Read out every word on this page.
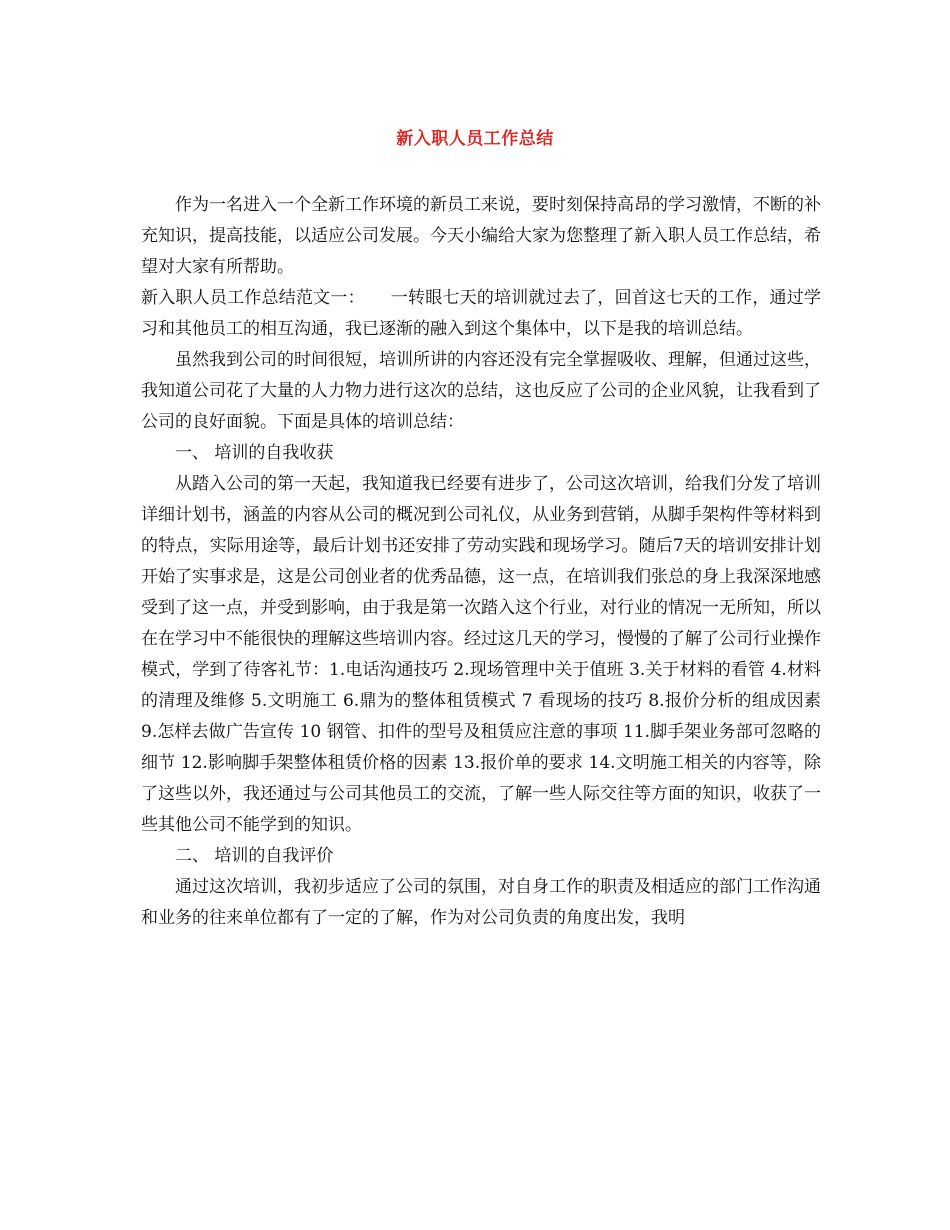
新入职人员工作总结

作为一名进入一个全新工作环境的新员工来说，要时刻保持高昂的学习激情，不断的补充知识，提高技能，以适应公司发展。今天小编给大家为您整理了新入职人员工作总结，希望对大家有所帮助。

新入职人员工作总结范文一：　　一转眼七天的培训就过去了，回首这七天的工作，通过学习和其他员工的相互沟通，我已逐渐的融入到这个集体中，以下是我的培训总结。

虽然我到公司的时间很短，培训所讲的内容还没有完全掌握吸收、理解，但通过这些，我知道公司花了大量的人力物力进行这次的总结，这也反应了公司的企业风貌，让我看到了公司的良好面貌。下面是具体的培训总结：

一、 培训的自我收获

从踏入公司的第一天起，我知道我已经要有进步了，公司这次培训，给我们分发了培训详细计划书，涵盖的内容从公司的概况到公司礼仪，从业务到营销，从脚手架构件等材料到的特点，实际用途等，最后计划书还安排了劳动实践和现场学习。随后7天的培训安排计划开始了实事求是，这是公司创业者的优秀品德，这一点，在培训我们张总的身上我深深地感受到了这一点，并受到影响，由于我是第一次踏入这个行业，对行业的情况一无所知，所以在在学习中不能很快的理解这些培训内容。经过这几天的学习，慢慢的了解了公司行业操作模式，学到了待客礼节：1.电话沟通技巧 2.现场管理中关于值班 3.关于材料的看管 4.材料的清理及维修 5.文明施工 6.鼎为的整体租赁模式 7 看现场的技巧 8.报价分析的组成因素 9.怎样去做广告宣传 10 钢管、扣件的型号及租赁应注意的事项 11.脚手架业务部可忽略的细节 12.影响脚手架整体租赁价格的因素 13.报价单的要求 14.文明施工相关的内容等，除了这些以外，我还通过与公司其他员工的交流，了解一些人际交往等方面的知识，收获了一些其他公司不能学到的知识。

二、 培训的自我评价

通过这次培训，我初步适应了公司的氛围，对自身工作的职责及相适应的部门工作沟通和业务的往来单位都有了一定的了解，作为对公司负责的角度出发，我明
